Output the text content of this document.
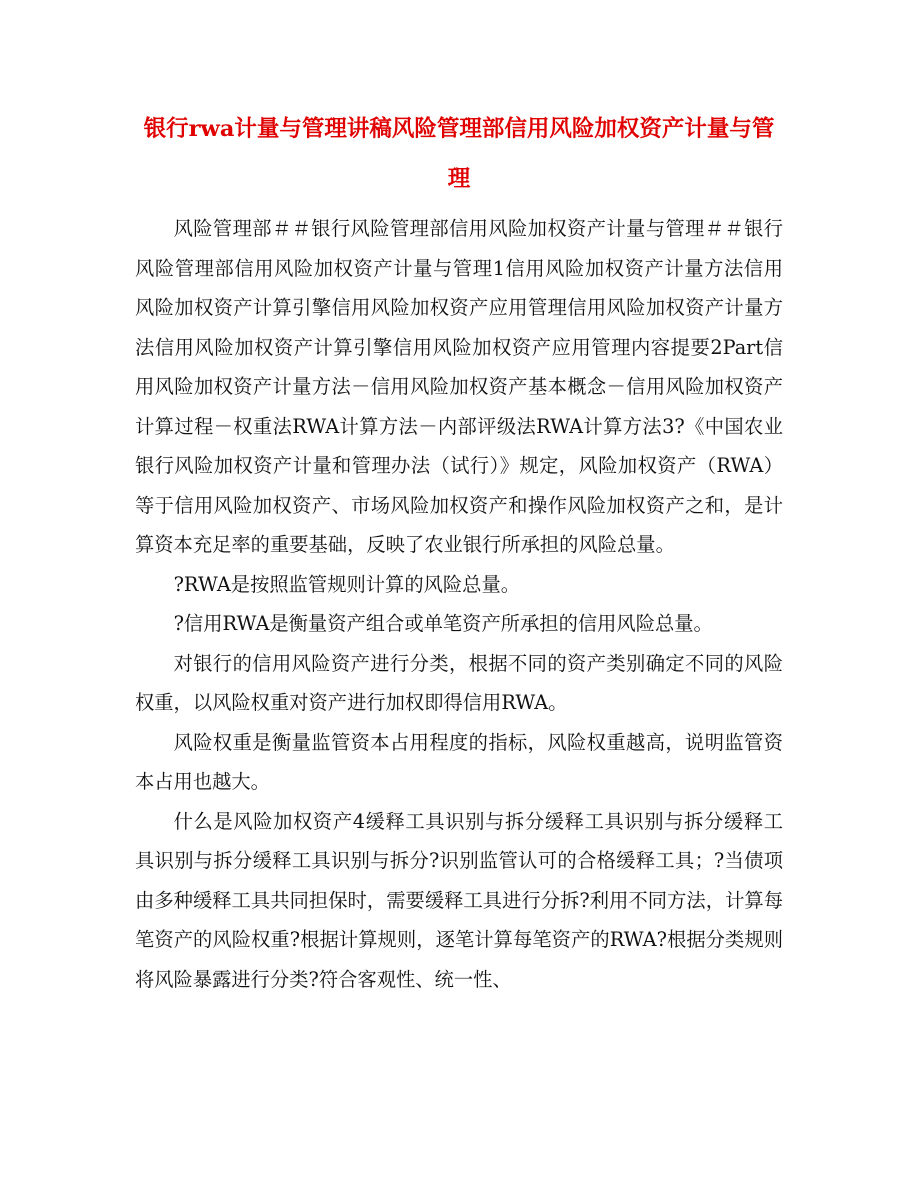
银行rwa计量与管理讲稿风险管理部信用风险加权资产计量与管理

风险管理部＃＃银行风险管理部信用风险加权资产计量与管理＃＃银行风险管理部信用风险加权资产计量与管理1信用风险加权资产计量方法信用风险加权资产计算引擎信用风险加权资产应用管理信用风险加权资产计量方法信用风险加权资产计算引擎信用风险加权资产应用管理内容提要2Part信用风险加权资产计量方法－信用风险加权资产基本概念－信用风险加权资产计算过程－权重法RWA计算方法－内部评级法RWA计算方法3?《中国农业银行风险加权资产计量和管理办法（试行）》规定，风险加权资产（RWA）等于信用风险加权资产、市场风险加权资产和操作风险加权资产之和，是计算资本充足率的重要基础，反映了农业银行所承担的风险总量。

?RWA是按照监管规则计算的风险总量。

?信用RWA是衡量资产组合或单笔资产所承担的信用风险总量。

对银行的信用风险资产进行分类，根据不同的资产类别确定不同的风险权重，以风险权重对资产进行加权即得信用RWA。

风险权重是衡量监管资本占用程度的指标，风险权重越高，说明监管资本占用也越大。

什么是风险加权资产4缓释工具识别与拆分缓释工具识别与拆分缓释工具识别与拆分缓释工具识别与拆分?识别监管认可的合格缓释工具；?当债项由多种缓释工具共同担保时，需要缓释工具进行分拆?利用不同方法，计算每笔资产的风险权重?根据计算规则，逐笔计算每笔资产的RWA?根据分类规则将风险暴露进行分类?符合客观性、统一性、
